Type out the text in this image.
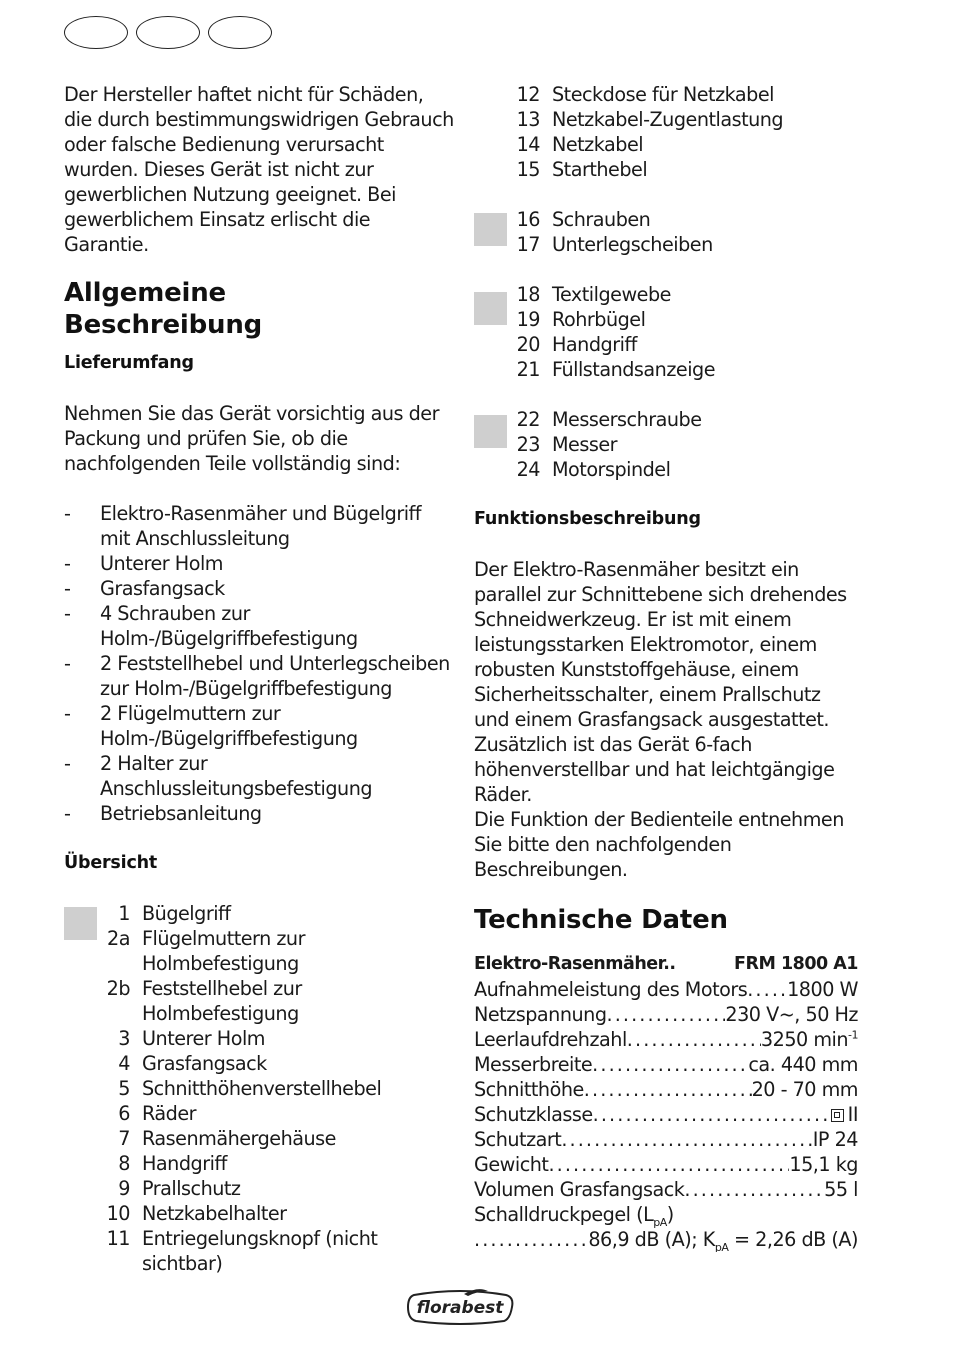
Der Hersteller haftet nicht für Schäden, die durch bestimmungswidrigen Gebrauch oder falsche Bedienung verursacht wurden. Dieses Gerät ist nicht zur gewerblichen Nutzung geeignet. Bei gewerblichem Einsatz erlischt die Garantie.

Allgemeine
Beschreibung
Lieferumfang

Nehmen Sie das Gerät vorsichtig aus der Packung und prüfen Sie, ob die nachfolgenden Teile vollständig sind:

- Elektro-Rasenmäher und Bügelgriff mit Anschlussleitung
- Unterer Holm
- Grasfangsack
- 4 Schrauben zur Holm-/Bügelgriffbefestigung
- 2 Feststellhebel und Unterlegscheiben zur Holm-/Bügelgriffbefestigung
- 2 Flügelmuttern zur Holm-/Bügelgriffbefestigung
- 2 Halter zur Anschlussleitungsbefestigung
- Betriebsanleitung
Übersicht
1 Bügelgriff
2a Flügelmuttern zur Holmbefestigung
2b Feststellhebel zur Holmbefestigung
3 Unterer Holm
4 Grasfangsack
5 Schnitthöhenverstellhebel
6 Räder
7 Rasenmähergehäuse
8 Handgriff
9 Prallschutz
10 Netzkabelhalter
11 Entriegelungsknopf (nicht sichtbar)
12 Steckdose für Netzkabel
13 Netzkabel-Zugentlastung
14 Netzkabel
15 Starthebel
16 Schrauben
17 Unterlegscheiben
18 Textilgewebe
19 Rohrbügel
20 Handgriff
21 Füllstandsanzeige
22 Messerschraube
23 Messer
24 Motorspindel
Funktionsbeschreibung

Der Elektro-Rasenmäher besitzt ein parallel zur Schnittebene sich drehendes Schneidwerkzeug. Er ist mit einem leistungsstarken Elektromotor, einem robusten Kunststoffgehäuse, einem Sicherheitsschalter, einem Prallschutz und einem Grasfangsack ausgestattet. Zusätzlich ist das Gerät 6-fach höhenverstellbar und hat leichtgängige Räder.

Die Funktion der Bedienteile entnehmen Sie bitte den nachfolgenden Beschreibungen.

Technische Daten
Elektro-Rasenmäher..	FRM 1800 A1
Aufnahmeleistung des Motors . . . 1800 W
Netzspannung . . .	230 V~, 50 Hz
Leerlaufdrehzahl . . .	3250 $\min^{-1}$
Messerbreite . . .	ca. 440 mm
Schnitthöhe . . .	20 - 70 mm
Schutzklasse . . .	II
Schutzart . . .	IP 24
Gewicht . . .	15,1 kg
Volumen Grasfangsack . . .	55 l
Schalldruckpegel $(L_{pA})$
. . .
86,9 dB (A); $K_{pA} = 2,26$ dB (A)
florabest
